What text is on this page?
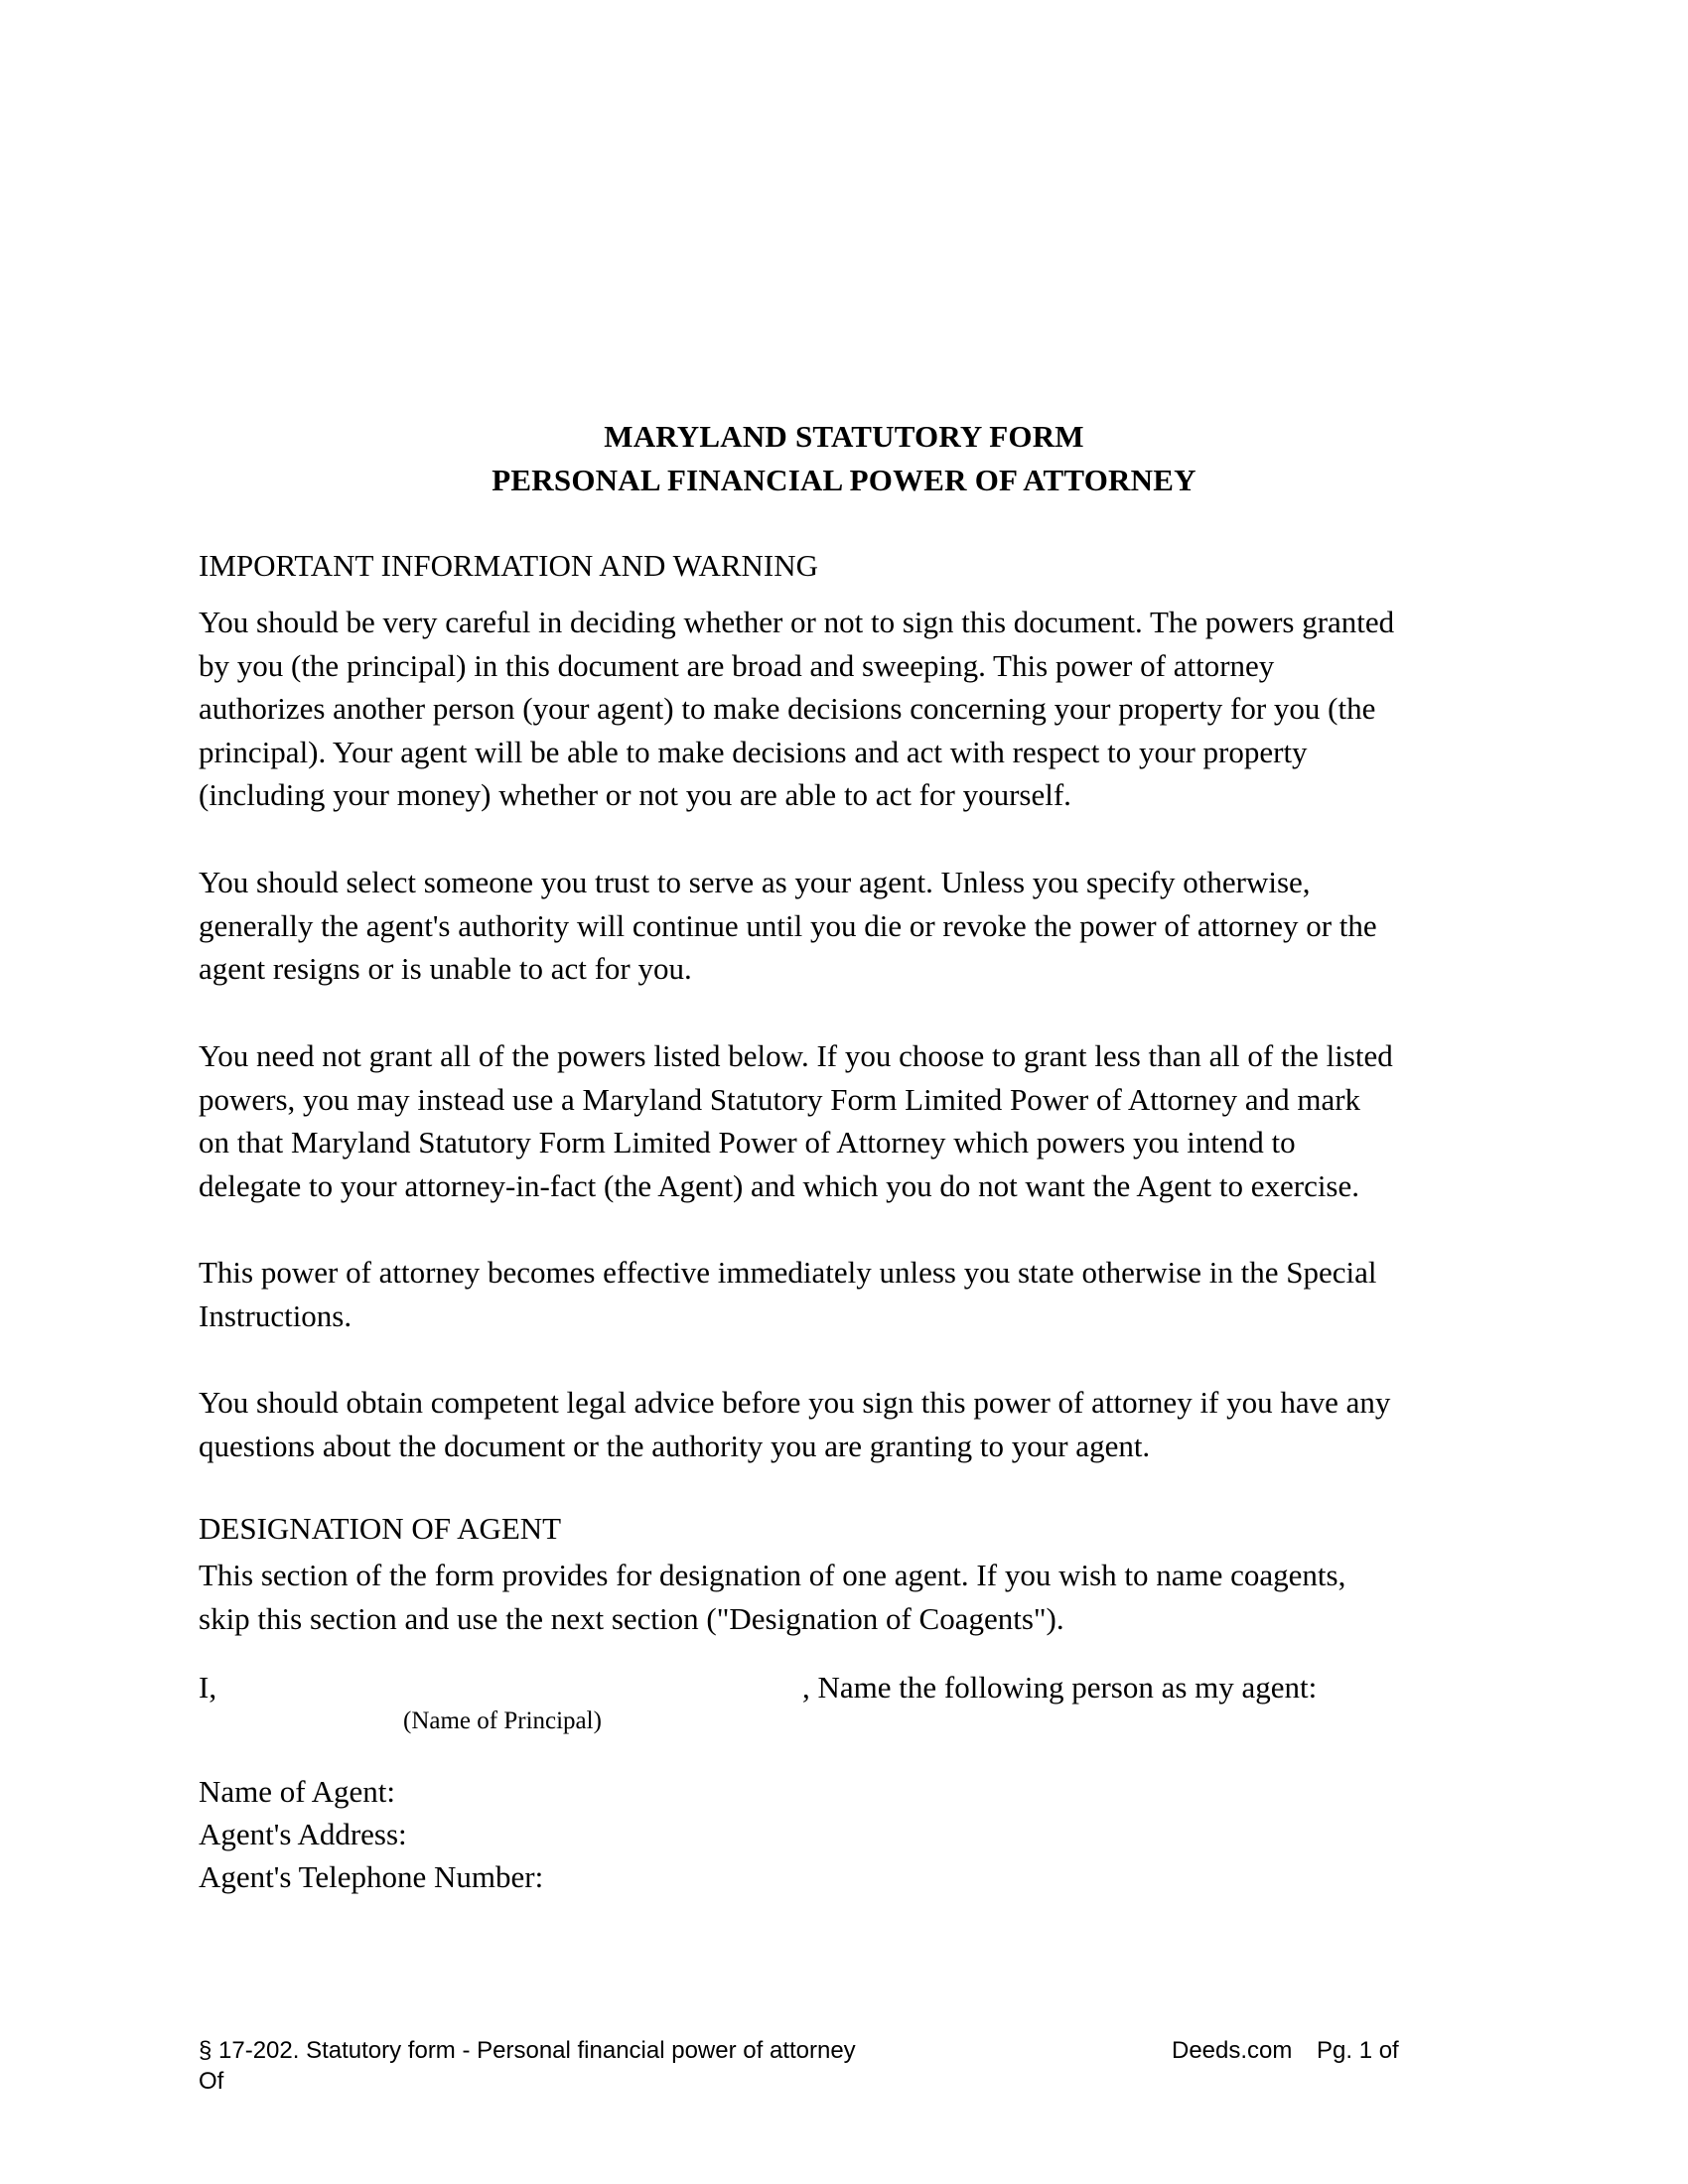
MARYLAND STATUTORY FORM
PERSONAL FINANCIAL POWER OF ATTORNEY
IMPORTANT INFORMATION AND WARNING
You should be very careful in deciding whether or not to sign this document. The powers granted
by you (the principal) in this document are broad and sweeping. This power of attorney
authorizes another person (your agent) to make decisions concerning your property for you (the
principal). Your agent will be able to make decisions and act with respect to your property
(including your money) whether or not you are able to act for yourself.
You should select someone you trust to serve as your agent. Unless you specify otherwise,
generally the agent's authority will continue until you die or revoke the power of attorney or the
agent resigns or is unable to act for you.
You need not grant all of the powers listed below. If you choose to grant less than all of the listed
powers, you may instead use a Maryland Statutory Form Limited Power of Attorney and mark
on that Maryland Statutory Form Limited Power of Attorney which powers you intend to
delegate to your attorney-in-fact (the Agent) and which you do not want the Agent to exercise.
This power of attorney becomes effective immediately unless you state otherwise in the Special
Instructions.
You should obtain competent legal advice before you sign this power of attorney if you have any
questions about the document or the authority you are granting to your agent.
DESIGNATION OF AGENT
This section of the form provides for designation of one agent. If you wish to name coagents,
skip this section and use the next section ("Designation of Coagents").
I,	, Name the following person as my agent:
(Name of Principal)
Name of Agent:
Agent's Address:
Agent's Telephone Number:
§ 17-202. Statutory form - Personal financial power of attorney	Deeds.com Pg. 1 of
Of
